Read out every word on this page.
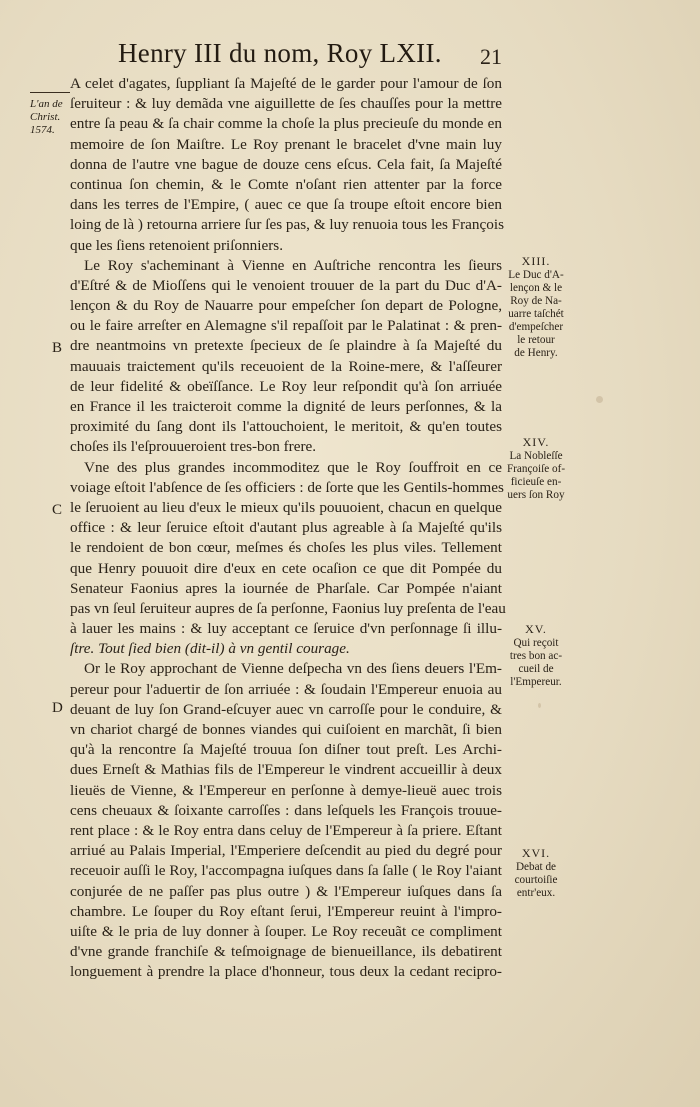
Henry III du nom, Roy LXII. 21
L'an de
Christ.
1574.
B
C
D
A celet d'agates, ſuppliant ſa Majeſté de le garder pour l'amour de ſon
ſeruiteur : & luy demãda vne aiguillette de ſes chauſſes pour la mettre
entre ſa peau & ſa chair comme la choſe la plus precieuſe du monde en
memoire de ſon Maiſtre. Le Roy prenant le bracelet d'vne main luy
donna de l'autre vne bague de douze cens eſcus. Cela fait, ſa Majeſté
continua ſon chemin, & le Comte n'oſant rien attenter par la force
dans les terres de l'Empire, ( auec ce que ſa troupe eſtoit encore bien
loing de là ) retourna arriere ſur ſes pas, & luy renuoia tous les François
que les ſiens retenoient priſonniers.
Le Roy s'acheminant à Vienne en Auſtriche rencontra les ſieurs
d'Eſtré & de Mioſſens qui le venoient trouuer de la part du Duc d'A-
lençon & du Roy de Nauarre pour empeſcher ſon depart de Pologne,
ou le faire arreſter en Alemagne s'il repaſſoit par le Palatinat : & pren-
dre neantmoins vn pretexte ſpecieux de ſe plaindre à ſa Majeſté du
mauuais traictement qu'ils receuoient de la Roine-mere, & l'aſſeurer
de leur fidelité & obeïſſance. Le Roy leur reſpondit qu'à ſon arriuée
en France il les traicteroit comme la dignité de leurs perſonnes, & la
proximité du ſang dont ils l'attouchoient, le meritoit, & qu'en toutes
choſes ils l'eſprouueroient tres-bon frere.
Vne des plus grandes incommoditez que le Roy ſouffroit en ce
voiage eſtoit l'abſence de ſes officiers : de ſorte que les Gentils-hommes
le ſeruoient au lieu d'eux le mieux qu'ils pouuoient, chacun en quelque
office : & leur ſeruice eſtoit d'autant plus agreable à ſa Majeſté qu'ils
le rendoient de bon cœur, meſmes és choſes les plus viles. Tellement
que Henry pouuoit dire d'eux en cete ocaſion ce que dit Pompée du
Senateur Faonius apres la iournée de Pharſale. Car Pompée n'aiant
pas vn ſeul ſeruiteur aupres de ſa perſonne, Faonius luy preſenta de l'eau
à lauer les mains : & luy acceptant ce ſeruice d'vn perſonnage ſi illu-
ſtre. Tout ſied bien (dit-il) à vn gentil courage.
Or le Roy approchant de Vienne deſpecha vn des ſiens deuers l'Em-
pereur pour l'aduertir de ſon arriuée : & ſoudain l'Empereur enuoia au
deuant de luy ſon Grand-eſcuyer auec vn carroſſe pour le conduire, &
vn chariot chargé de bonnes viandes qui cuiſoient en marchãt, ſi bien
qu'à la rencontre ſa Majeſté trouua ſon diſner tout preſt. Les Archi-
dues Erneſt & Mathias fils de l'Empereur le vindrent accueillir à deux
lieuës de Vienne, & l'Empereur en perſonne à demye-lieuë auec trois
cens cheuaux & ſoixante carroſſes : dans leſquels les François trouue-
rent place : & le Roy entra dans celuy de l'Empereur à ſa priere. Eſtant
arriué au Palais Imperial, l'Emperiere deſcendit au pied du degré pour
receuoir auſſi le Roy, l'accompagna iuſques dans ſa ſalle ( le Roy l'aiant
conjurée de ne paſſer pas plus outre ) & l'Empereur iuſques dans ſa
chambre. Le ſouper du Roy eſtant ſerui, l'Empereur reuint à l'impro-
uiſte & le pria de luy donner à ſouper. Le Roy receuãt ce compliment
d'vne grande franchiſe & teſmoignage de bienueillance, ils debatirent
longuement à prendre la place d'honneur, tous deux la cedant recipro-
XIII.
Le Duc d'A-
lençon & le
Roy de Na-
uarre taſchét
d'empeſcher
le retour
de Henry.
XIV.
La Nobleſſe
Françoiſe of-
ficieuſe en-
uers ſon Roy
XV.
Qui reçoit
tres bon ac-
cueil de
l'Empereur.
XVI.
Debat de
courtoiſie
entr'eux.
